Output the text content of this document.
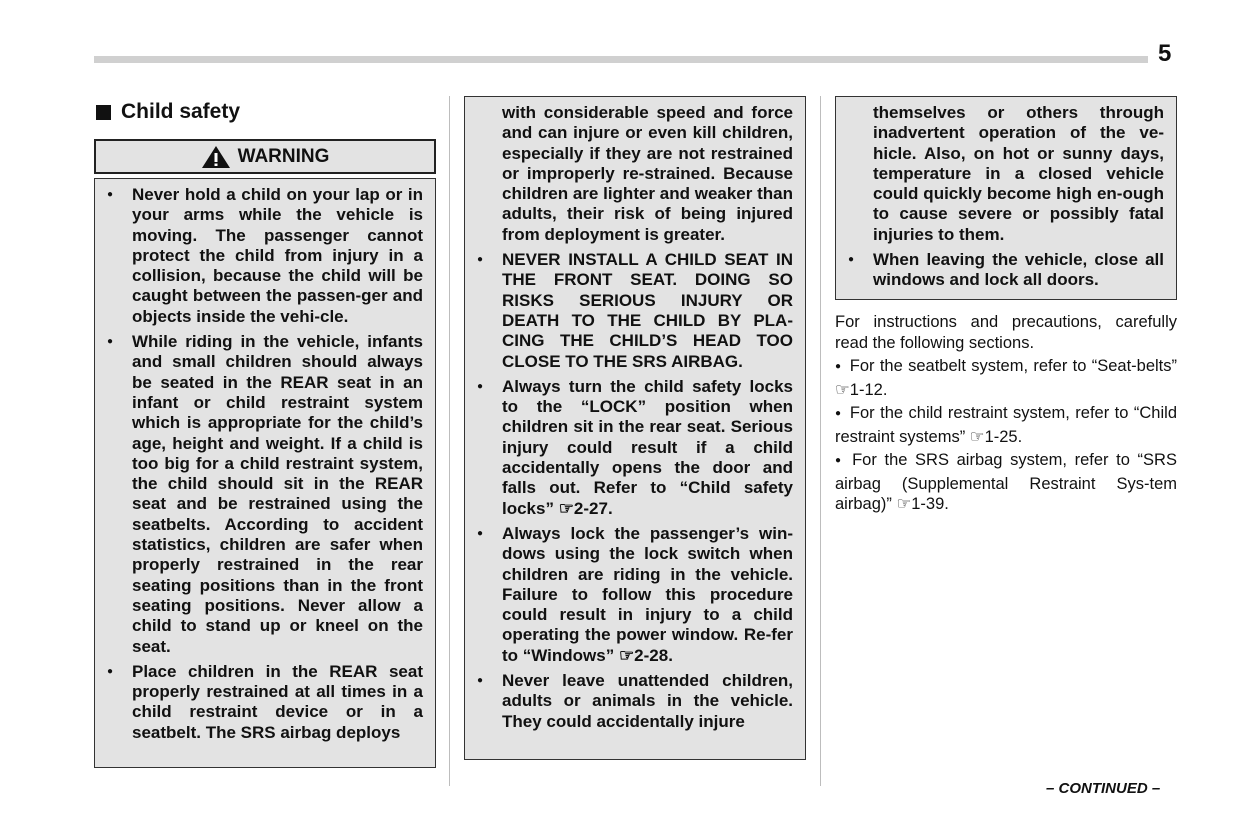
5
Child safety
WARNING
● Never hold a child on your lap or in your arms while the vehicle is moving. The passenger cannot protect the child from injury in a collision, because the child will be caught between the passen-ger and objects inside the vehi-cle.
● While riding in the vehicle, infants and small children should always be seated in the REAR seat in an infant or child restraint system which is appropriate for the child’s age, height and weight. If a child is too big for a child restraint system, the child should sit in the REAR seat and be restrained using the seatbelts. According to accident statistics, children are safer when properly restrained in the rear seating positions than in the front seating positions. Never allow a child to stand up or kneel on the seat.
● Place children in the REAR seat properly restrained at all times in a child restraint device or in a seatbelt. The SRS airbag deploys
with considerable speed and force and can injure or even kill children, especially if they are not restrained or improperly re-strained. Because children are lighter and weaker than adults, their risk of being injured from deployment is greater.
● NEVER INSTALL A CHILD SEAT IN THE FRONT SEAT. DOING SO RISKS SERIOUS INJURY OR DEATH TO THE CHILD BY PLA-CING THE CHILD’S HEAD TOO CLOSE TO THE SRS AIRBAG.
● Always turn the child safety locks to the “LOCK” position when children sit in the rear seat. Serious injury could result if a child accidentally opens the door and falls out. Refer to “Child safety locks” ☞2-27.
● Always lock the passenger’s win-dows using the lock switch when children are riding in the vehicle. Failure to follow this procedure could result in injury to a child operating the power window. Re-fer to “Windows” ☞2-28.
● Never leave unattended children, adults or animals in the vehicle. They could accidentally injure
themselves or others through inadvertent operation of the ve-hicle. Also, on hot or sunny days, temperature in a closed vehicle could quickly become high en-ough to cause severe or possibly fatal injuries to them.
● When leaving the vehicle, close all windows and lock all doors.

For instructions and precautions, carefully read the following sections.

● For the seatbelt system, refer to “Seat-belts” ☞1-12.

● For the child restraint system, refer to “Child restraint systems” ☞1-25.

● For the SRS airbag system, refer to “SRS airbag (Supplemental Restraint Sys-tem airbag)” ☞1-39.

– CONTINUED –
